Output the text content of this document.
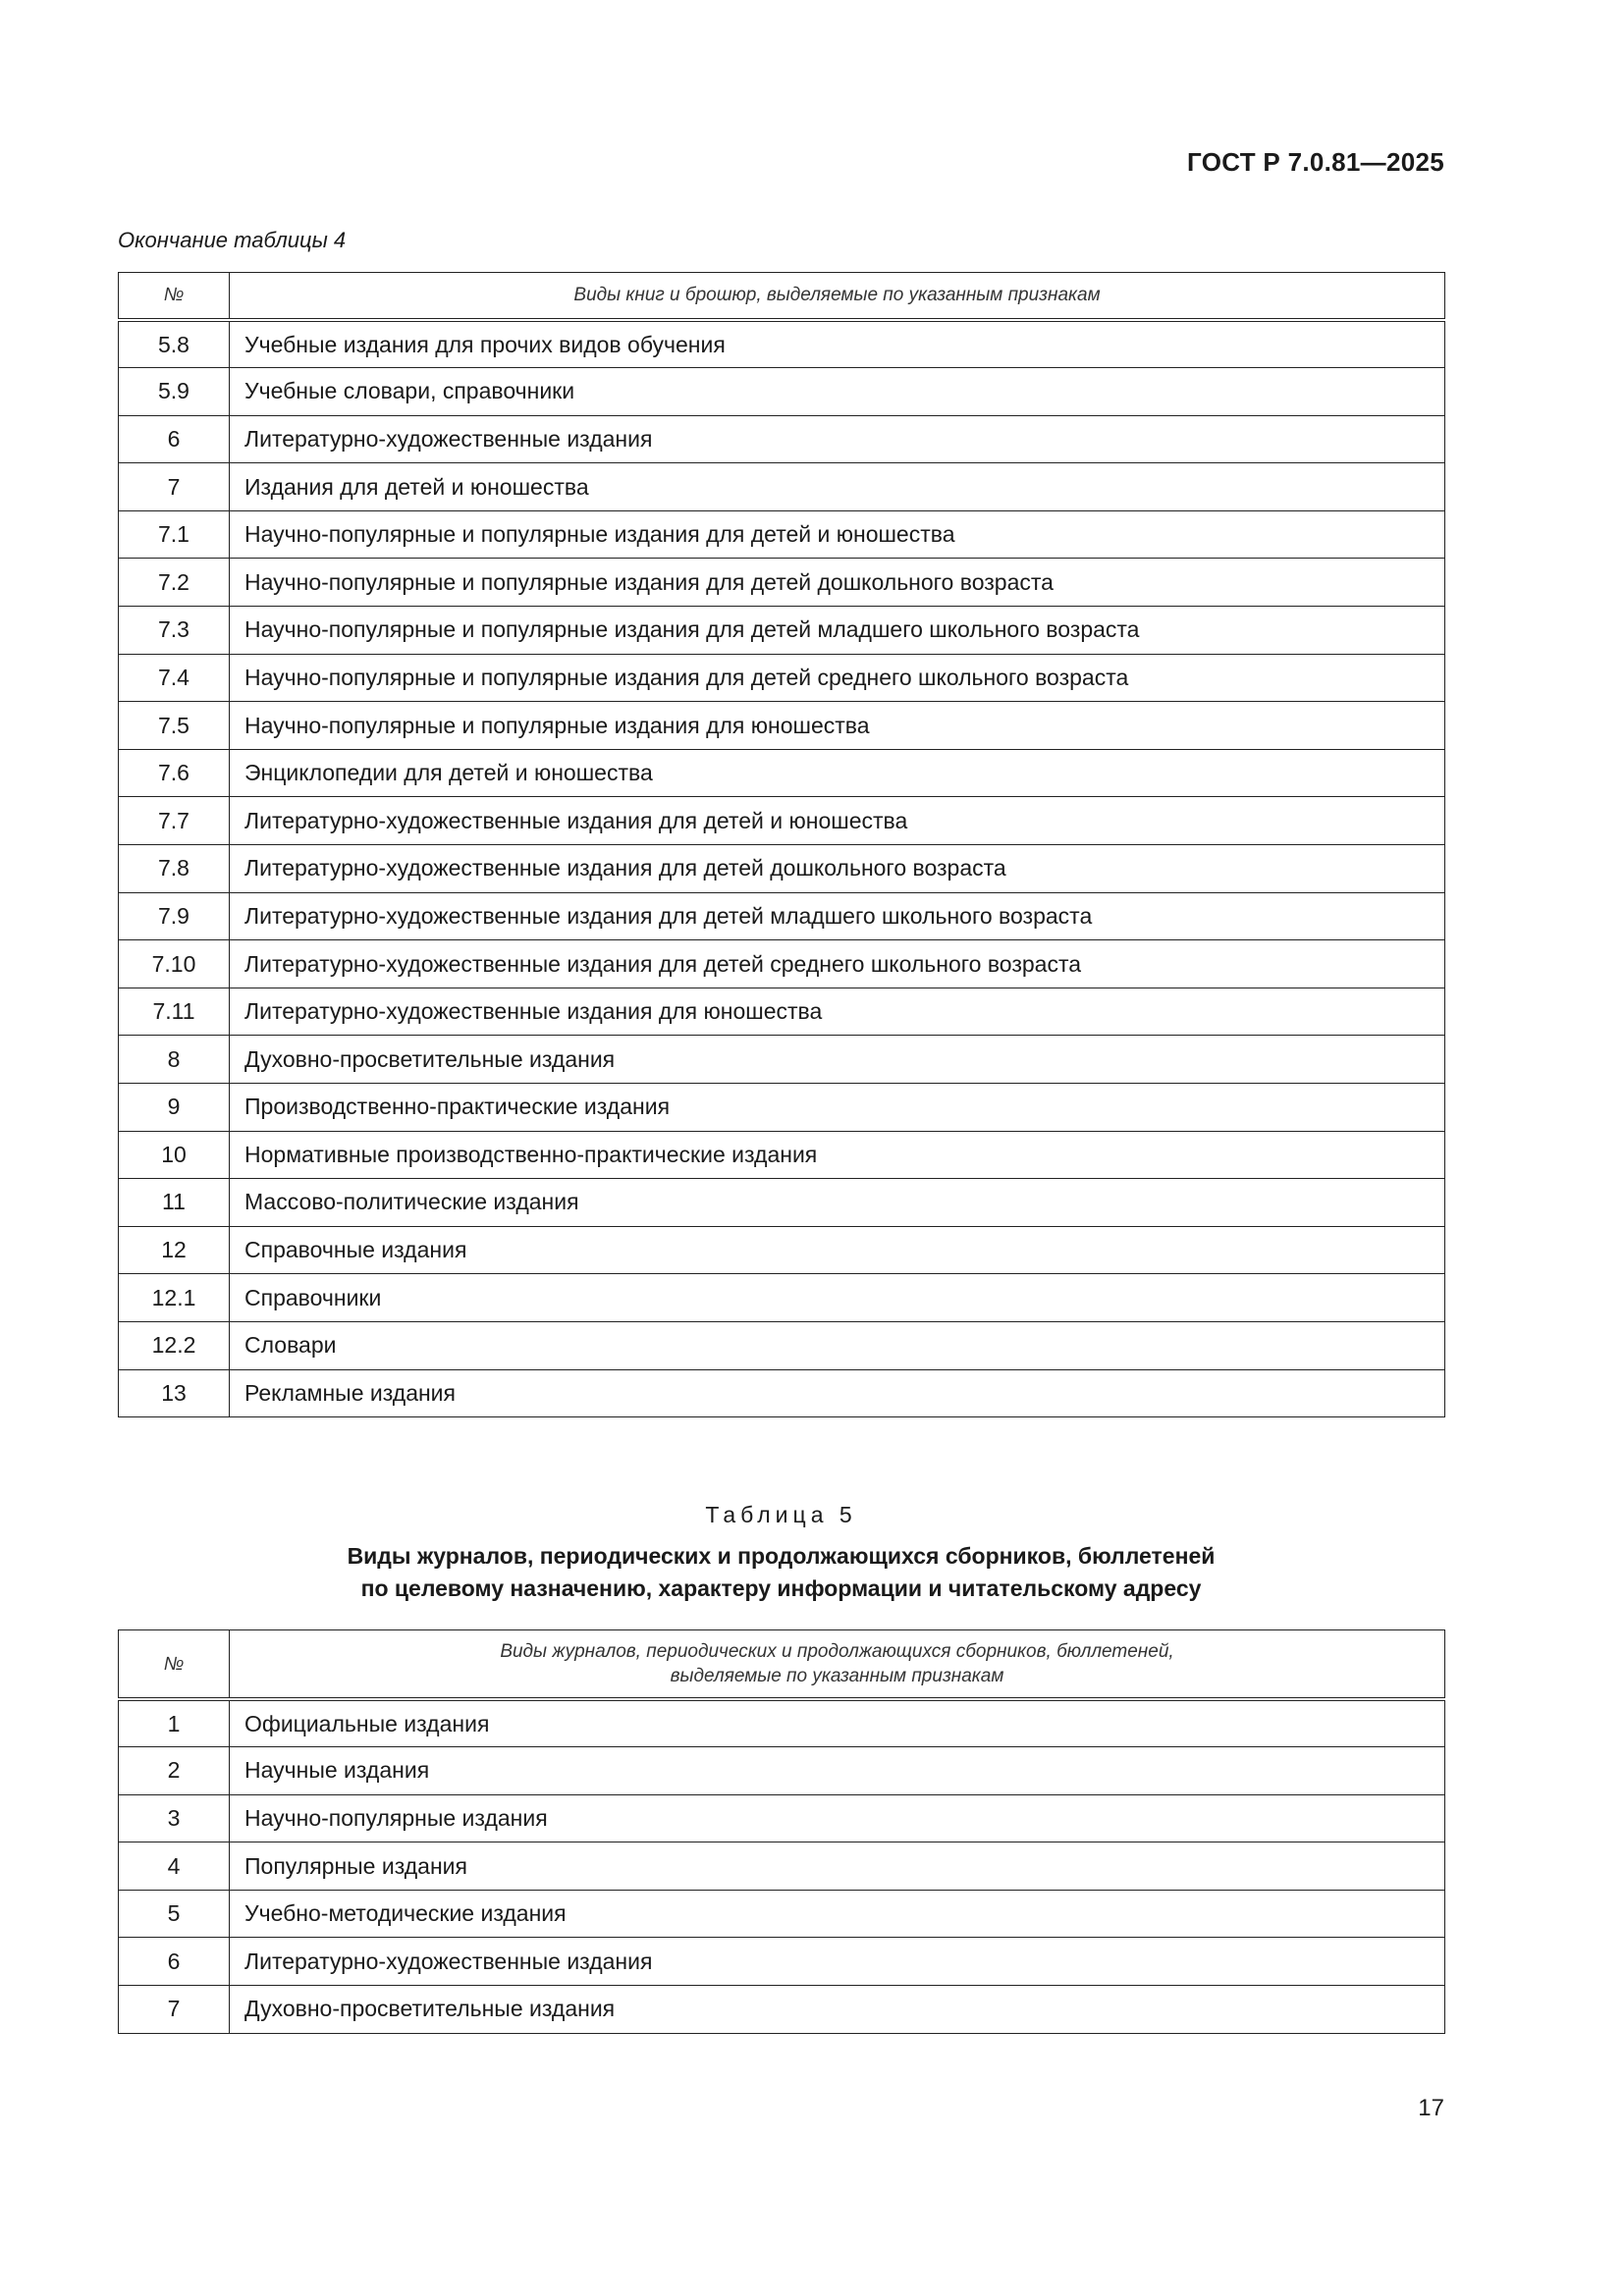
ГОСТ Р 7.0.81—2025
Окончание таблицы 4
№	Виды книг и брошюр, выделяемые по указанным признакам
5.8	Учебные издания для прочих видов обучения
5.9	Учебные словари, справочники
6	Литературно-художественные издания
7	Издания для детей и юношества
7.1	Научно-популярные и популярные издания для детей и юношества
7.2	Научно-популярные и популярные издания для детей дошкольного возраста
7.3	Научно-популярные и популярные издания для детей младшего школьного возраста
7.4	Научно-популярные и популярные издания для детей среднего школьного возраста
7.5	Научно-популярные и популярные издания для юношества
7.6	Энциклопедии для детей и юношества
7.7	Литературно-художественные издания для детей и юношества
7.8	Литературно-художественные издания для детей дошкольного возраста
7.9	Литературно-художественные издания для детей младшего школьного возраста
7.10	Литературно-художественные издания для детей среднего школьного возраста
7.11	Литературно-художественные издания для юношества
8	Духовно-просветительные издания
9	Производственно-практические издания
10	Нормативные производственно-практические издания
11	Массово-политические издания
12	Справочные издания
12.1	Справочники
12.2	Словари
13	Рекламные издания
Таблица 5
Виды журналов, периодических и продолжающихся сборников, бюллетеней
по целевому назначению, характеру информации и читательскому адресу
№	Виды журналов, периодических и продолжающихся сборников, бюллетеней,
выделяемые по указанным признакам

1	Официальные издания
2	Научные издания
3	Научно-популярные издания
4	Популярные издания
5	Учебно-методические издания
6	Литературно-художественные издания
7	Духовно-просветительные издания
17
